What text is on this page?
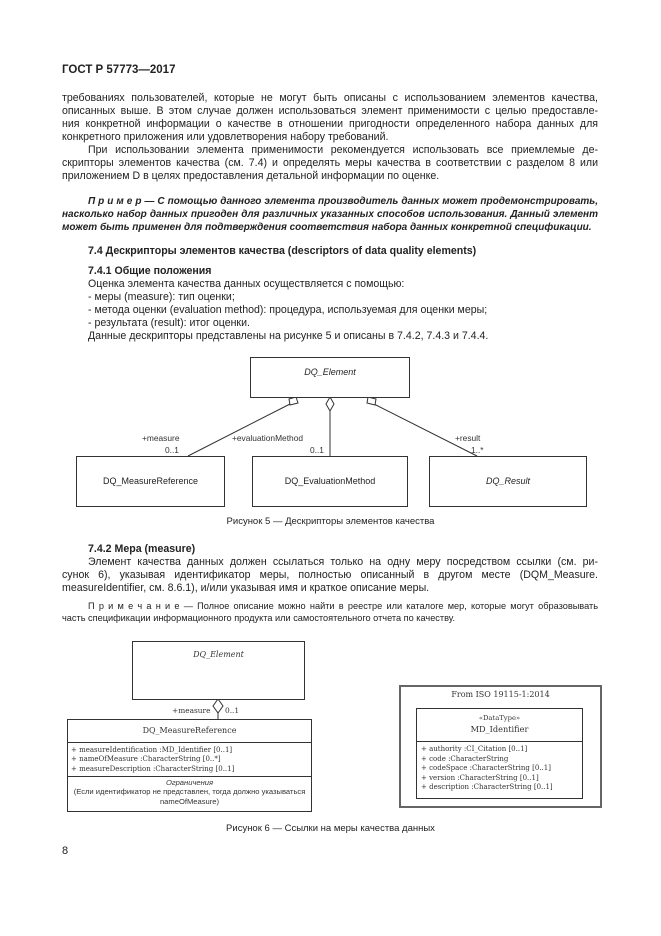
ГОСТ Р 57773—2017
требованиях пользователей, которые не могут быть описаны с использованием элементов качества,
описанных выше. В этом случае должен использоваться элемент применимости с целью предоставле-
ния конкретной информации о качестве в отношении пригодности определенного набора данных для
конкретного приложения или удовлетворения набору требований.
При использовании элемента применимости рекомендуется использовать все приемлемые де-
скрипторы элементов качества (см. 7.4) и определять меры качества в соответствии с разделом 8 или
приложением D в целях предоставления детальной информации по оценке.
П р и м е р — С помощью данного элемента производитель данных может продемонстрировать,
насколько набор данных пригоден для различных указанных способов использования. Данный элемент
может быть применен для подтверждения соответствия набора данных конкретной спецификации.
7.4 Дескрипторы элементов качества (descriptors of data quality elements)
7.4.1 Общие положения
Оценка элемента качества данных осуществляется с помощью:
- меры (measure): тип оценки;
- метода оценки (evaluation method): процедура, используемая для оценки меры;
- результата (result): итог оценки.
Данные дескрипторы представлены на рисунке 5 и описаны в 7.4.2, 7.4.3 и 7.4.4.
DQ_Element
DQ_MeasureReference	DQ_EvaluationMethod	DQ_Result
+measure
0..1
+evaluationMethod
0..1
+result
1..*
Рисунок 5 — Дескрипторы элементов качества
7.4.2 Мера (measure)
Элемент качества данных должен ссылаться только на одну меру посредством ссылки (см. ри-
сунок 6), указывая идентификатор меры, полностью описанный в другом месте (DQM_Measure.
measureIdentifier, см. 8.6.1), и/или указывая имя и краткое описание меры.
П р и м е ч а н и е — Полное описание можно найти в реестре или каталоге мер, которые могут образовывать
часть спецификации информационного продукта или самостоятельного отчета по качеству.
DQ_Element
+measure 0..1
DQ_MeasureReference
+ measureIdentification :MD_Identifier [0..1]
+ nameOfMeasure :CharacterString [0..*]
+ measureDescription :CharacterString [0..1]
Ограничения
(Если идентификатор не представлен, тогда должно указываться
nameOfMeasure)
From ISO 19115-1:2014
«DataType»
MD_Identifier
+ authority :CI_Citation [0..1]
+ code :CharacterString
+ codeSpace :CharacterString [0..1]
+ version :CharacterString [0..1]
+ description :CharacterString [0..1]
Рисунок 6 — Ссылки на меры качества данных
8
